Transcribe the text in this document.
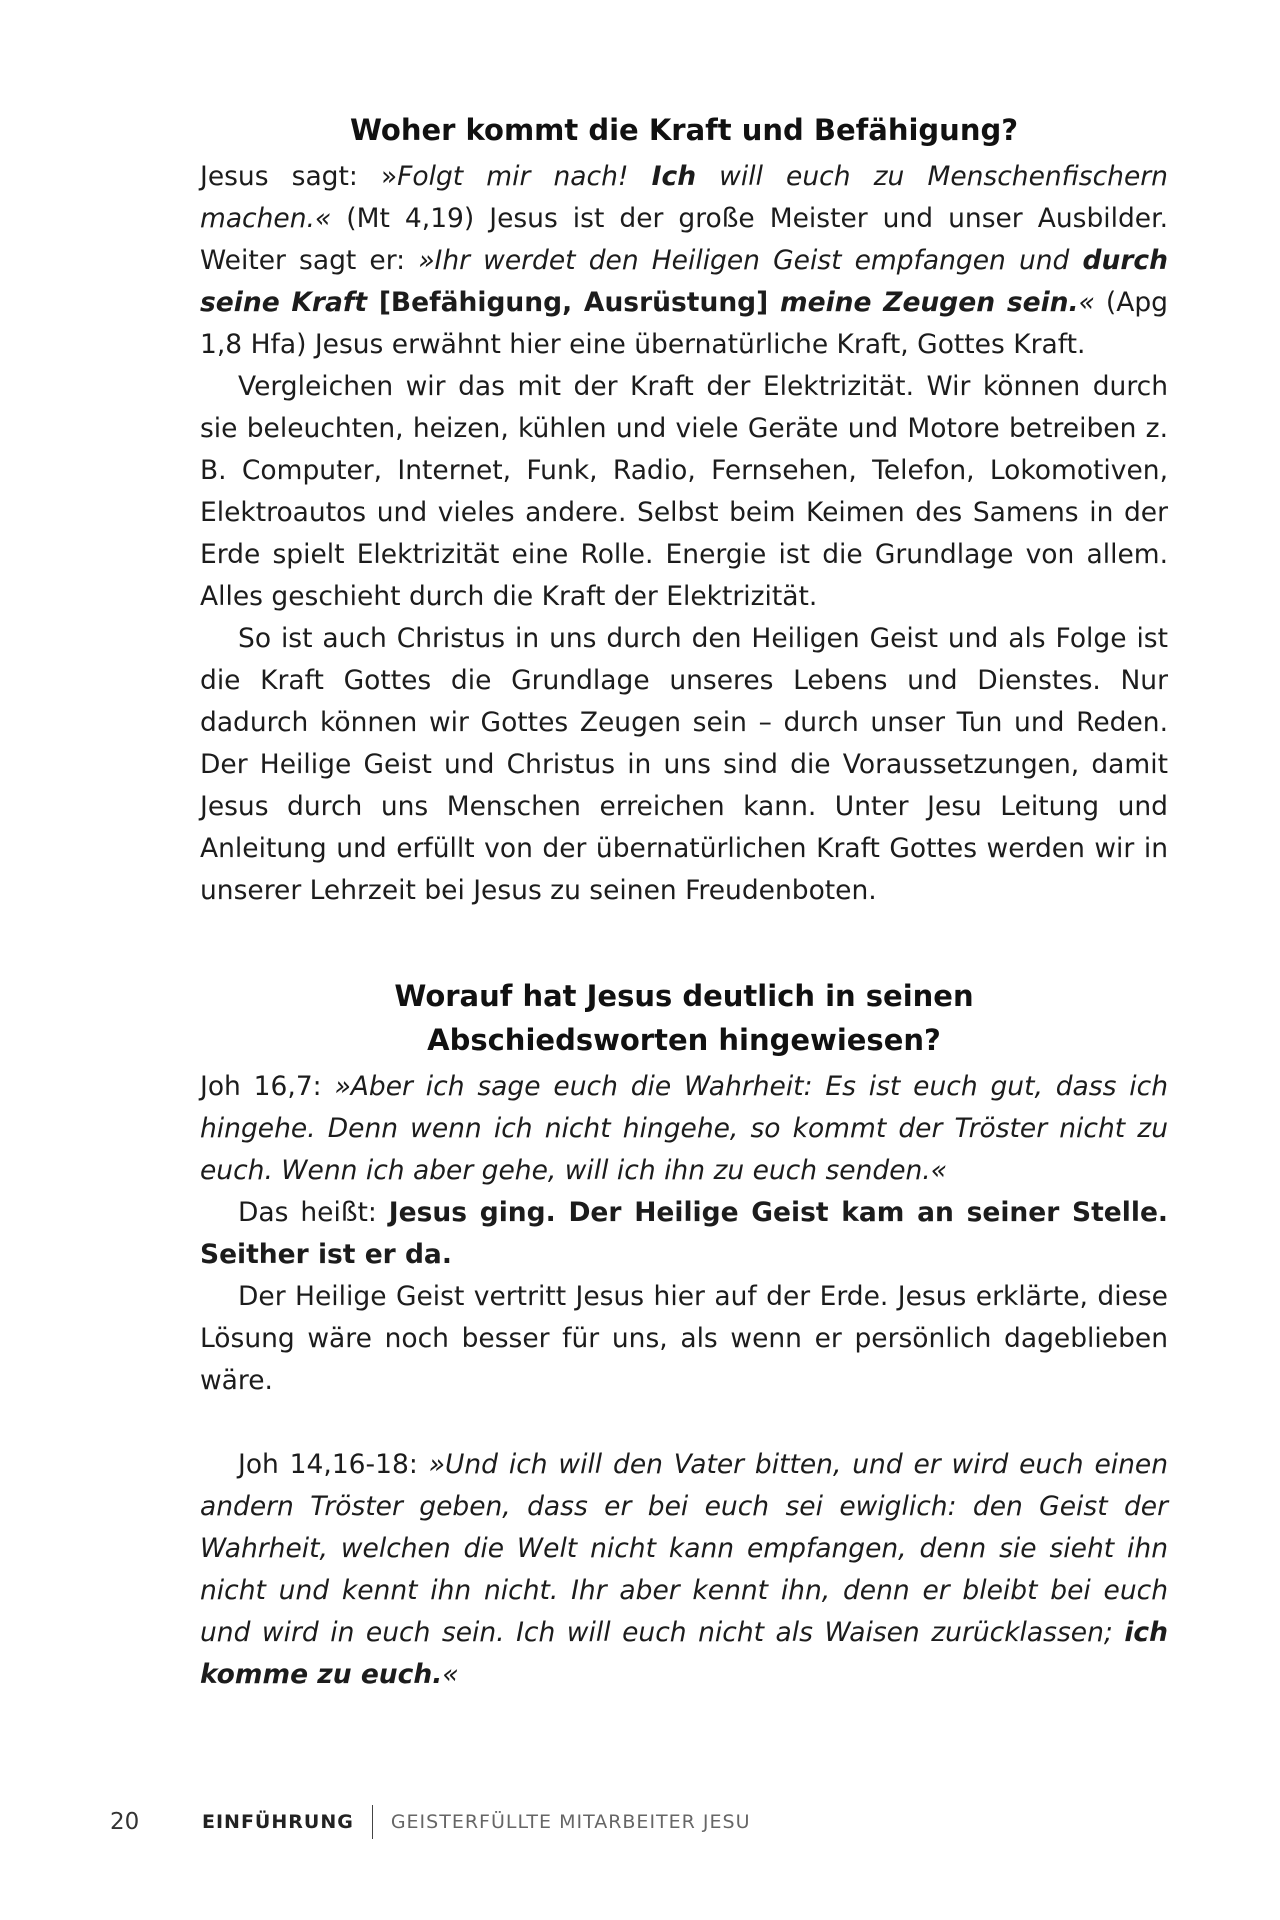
Woher kommt die Kraft und Befähigung?

Jesus sagt: »Folgt mir nach! Ich will euch zu Menschenfischern machen.« (Mt 4,19) Jesus ist der große Meister und unser Ausbilder. Weiter sagt er: »Ihr werdet den Heiligen Geist empfangen und durch seine Kraft [Befähigung, Ausrüstung] meine Zeugen sein.« (Apg 1,8 Hfa) Jesus erwähnt hier eine übernatürliche Kraft, Gottes Kraft.

Vergleichen wir das mit der Kraft der Elektrizität. Wir können durch sie beleuchten, heizen, kühlen und viele Geräte und Motore betreiben z. B. Computer, Internet, Funk, Radio, Fernsehen, Telefon, Lokomotiven, Elektroautos und vieles andere. Selbst beim Keimen des Samens in der Erde spielt Elektrizität eine Rolle. Energie ist die Grundlage von allem. Alles geschieht durch die Kraft der Elektrizität.

So ist auch Christus in uns durch den Heiligen Geist und als Folge ist die Kraft Gottes die Grundlage unseres Lebens und Dienstes. Nur dadurch können wir Gottes Zeugen sein – durch unser Tun und Reden. Der Heilige Geist und Christus in uns sind die Voraussetzungen, damit Jesus durch uns Menschen erreichen kann. Unter Jesu Leitung und Anleitung und erfüllt von der übernatürlichen Kraft Gottes werden wir in unserer Lehrzeit bei Jesus zu seinen Freudenboten.

Worauf hat Jesus deutlich in seinen
Abschiedsworten hingewiesen?

Joh 16,7: »Aber ich sage euch die Wahrheit: Es ist euch gut, dass ich hingehe. Denn wenn ich nicht hingehe, so kommt der Tröster nicht zu euch. Wenn ich aber gehe, will ich ihn zu euch senden.«

Das heißt: Jesus ging. Der Heilige Geist kam an seiner Stelle. Seither ist er da.

Der Heilige Geist vertritt Jesus hier auf der Erde. Jesus erklärte, diese Lösung wäre noch besser für uns, als wenn er persönlich dageblieben wäre.

Joh 14,16-18: »Und ich will den Vater bitten, und er wird euch einen andern Tröster geben, dass er bei euch sei ewiglich: den Geist der Wahrheit, welchen die Welt nicht kann empfangen, denn sie sieht ihn nicht und kennt ihn nicht. Ihr aber kennt ihn, denn er bleibt bei euch und wird in euch sein. Ich will euch nicht als Waisen zurücklassen; ich komme zu euch.«

20	EINFÜHRUNG GEISTERFÜLLTE MITARBEITER JESU
